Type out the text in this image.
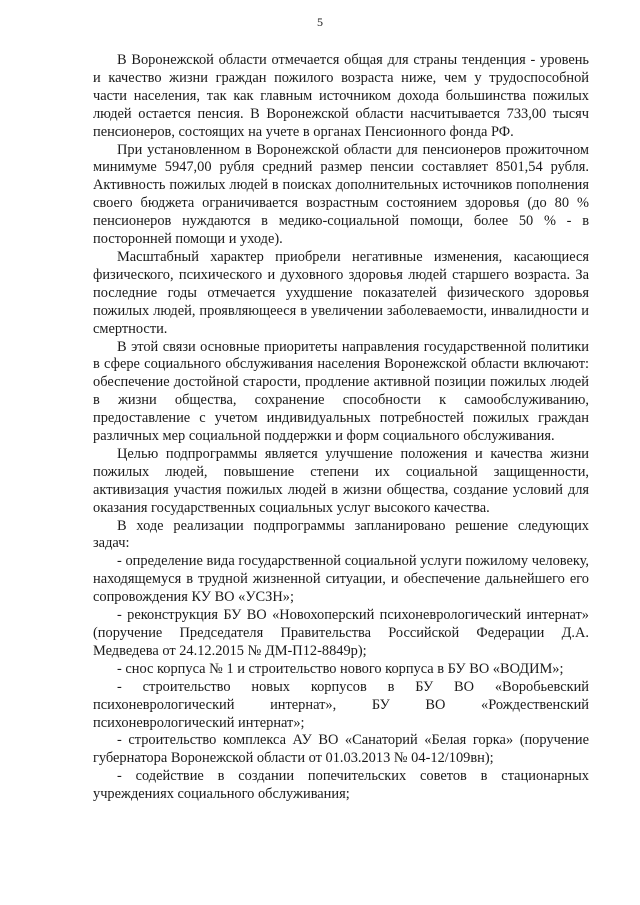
5

В Воронежской области отмечается общая для страны тенденция - уровень и качество жизни граждан пожилого возраста ниже, чем у трудоспособной части населения, так как главным источником дохода большинства пожилых людей остается пенсия. В Воронежской области насчитывается 733,00 тысяч пенсионеров, состоящих на учете в органах Пенсионного фонда РФ.

При установленном в Воронежской области для пенсионеров прожиточном минимуме 5947,00 рубля средний размер пенсии составляет 8501,54 рубля. Активность пожилых людей в поисках дополнительных источников пополнения своего бюджета ограничивается возрастным состоянием здоровья (до 80 % пенсионеров нуждаются в медико-социальной помощи, более 50 % - в посторонней помощи и уходе).

Масштабный характер приобрели негативные изменения, касающиеся физического, психического и духовного здоровья людей старшего возраста. За последние годы отмечается ухудшение показателей физического здоровья пожилых людей, проявляющееся в увеличении заболеваемости, инвалидности и смертности.

В этой связи основные приоритеты направления государственной политики в сфере социального обслуживания населения Воронежской области включают: обеспечение достойной старости, продление активной позиции пожилых людей в жизни общества, сохранение способности к самообслуживанию, предоставление с учетом индивидуальных потребностей пожилых граждан различных мер социальной поддержки и форм социального обслуживания.

Целью подпрограммы является улучшение положения и качества жизни пожилых людей, повышение степени их социальной защищенности, активизация участия пожилых людей в жизни общества, создание условий для оказания государственных социальных услуг высокого качества.

В ходе реализации подпрограммы запланировано решение следующих задач:

- определение вида государственной социальной услуги пожилому человеку, находящемуся в трудной жизненной ситуации, и обеспечение дальнейшего его сопровождения КУ ВО «УСЗН»;

- реконструкция БУ ВО «Новохоперский психоневрологический интернат» (поручение Председателя Правительства Российской Федерации Д.А. Медведева от 24.12.2015 № ДМ-П12-8849р);

- снос корпуса № 1 и строительство нового корпуса в БУ ВО «ВОДИМ»;

- строительство новых корпусов в БУ ВО «Воробьевский психоневрологический интернат», БУ ВО «Рождественский психоневрологический интернат»;

- строительство комплекса АУ ВО «Санаторий «Белая горка» (поручение губернатора Воронежской области от 01.03.2013 № 04-12/109вн);

- содействие в создании попечительских советов в стационарных учреждениях социального обслуживания;
